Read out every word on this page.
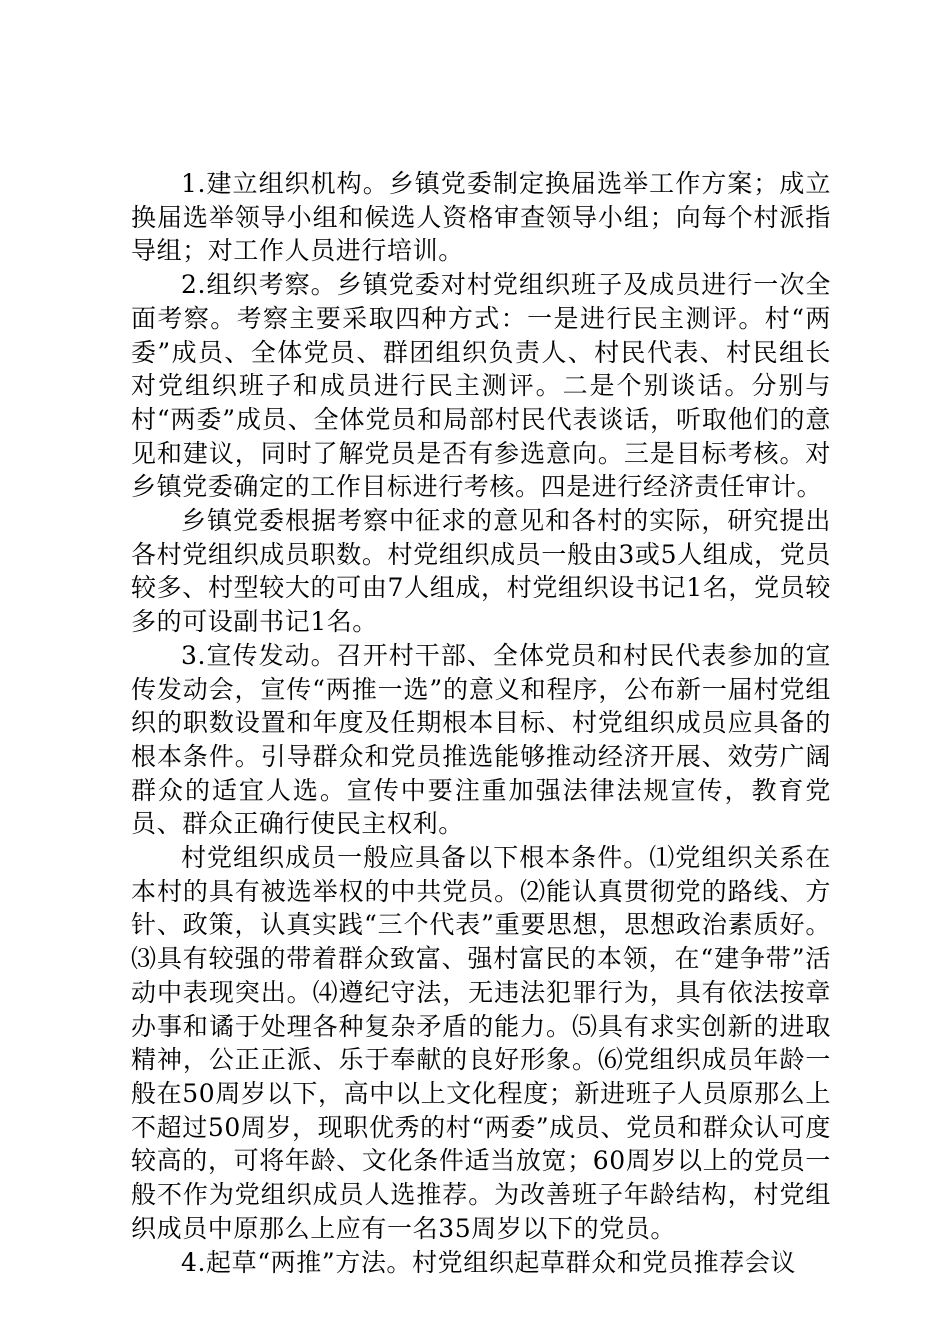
1.建立组织机构。乡镇党委制定换届选举工作方案；成立换届选举领导小组和候选人资格审查领导小组；向每个村派指导组；对工作人员进行培训。

2.组织考察。乡镇党委对村党组织班子及成员进行一次全面考察。考察主要采取四种方式：一是进行民主测评。村“两委”成员、全体党员、群团组织负责人、村民代表、村民组长对党组织班子和成员进行民主测评。二是个别谈话。分别与村“两委”成员、全体党员和局部村民代表谈话，听取他们的意见和建议，同时了解党员是否有参选意向。三是目标考核。对乡镇党委确定的工作目标进行考核。四是进行经济责任审计。

乡镇党委根据考察中征求的意见和各村的实际，研究提出各村党组织成员职数。村党组织成员一般由3或5人组成，党员较多、村型较大的可由7人组成，村党组织设书记1名，党员较多的可设副书记1名。

3.宣传发动。召开村干部、全体党员和村民代表参加的宣传发动会，宣传“两推一选”的意义和程序，公布新一届村党组织的职数设置和年度及任期根本目标、村党组织成员应具备的根本条件。引导群众和党员推选能够推动经济开展、效劳广阔群众的适宜人选。宣传中要注重加强法律法规宣传，教育党员、群众正确行使民主权利。

村党组织成员一般应具备以下根本条件。⑴党组织关系在本村的具有被选举权的中共党员。⑵能认真贯彻党的路线、方针、政策，认真实践“三个代表”重要思想，思想政治素质好。⑶具有较强的带着群众致富、强村富民的本领，在“建争带”活动中表现突出。⑷遵纪守法，无违法犯罪行为，具有依法按章办事和谲于处理各种复杂矛盾的能力。⑸具有求实创新的进取精神，公正正派、乐于奉献的良好形象。⑹党组织成员年龄一般在50周岁以下，高中以上文化程度；新进班子人员原那么上不超过50周岁，现职优秀的村“两委”成员、党员和群众认可度较高的，可将年龄、文化条件适当放宽；60周岁以上的党员一般不作为党组织成员人选推荐。为改善班子年龄结构，村党组织成员中原那么上应有一名35周岁以下的党员。

4.起草“两推”方法。村党组织起草群众和党员推荐会议
